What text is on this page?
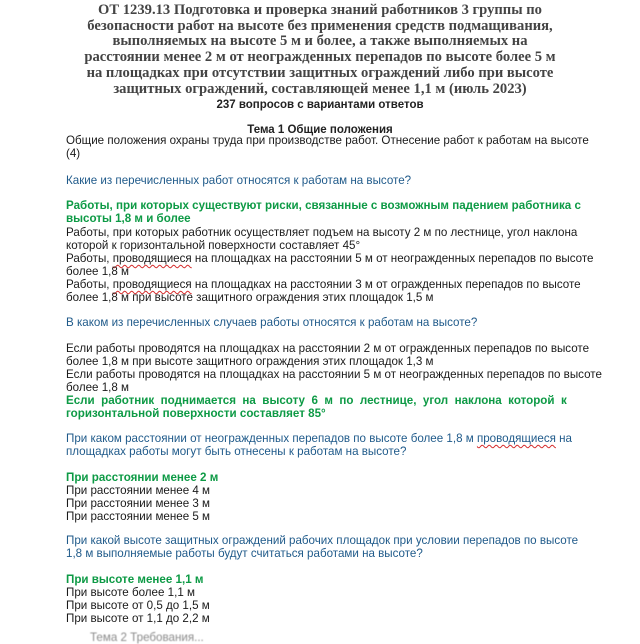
ОТ 1239.13 Подготовка и проверка знаний работников 3 группы по
безопасности работ на высоте без применения средств подмащивания,
выполняемых на высоте 5 м и более, а также выполняемых на
расстоянии менее 2 м от неогражденных перепадов по высоте более 5 м
на площадках при отсутствии защитных ограждений либо при высоте
защитных ограждений, составляющей менее 1,1 м (июль 2023)
237 вопросов с вариантами ответов
Тема 1 Общие положения
Общие положения охраны труда при производстве работ. Отнесение работ к работам на высоте
(4)
Какие из перечисленных работ относятся к работам на высоте?
Работы, при которых существуют риски, связанные с возможным падением работника с
высоты 1,8 м и более
Работы, при которых работник осуществляет подъем на высоту 2 м по лестнице, угол наклона
которой к горизонтальной поверхности составляет 45°
Работы, проводящиеся на площадках на расстоянии 5 м от неогражденных перепадов по высоте
более 1,8 м
Работы, проводящиеся на площадках на расстоянии 3 м от огражденных перепадов по высоте
более 1,8 м при высоте защитного ограждения этих площадок 1,5 м
В каком из перечисленных случаев работы относятся к работам на высоте?
Если работы проводятся на площадках на расстоянии 2 м от огражденных перепадов по высоте
более 1,8 м при высоте защитного ограждения этих площадок 1,3 м
Если работы проводятся на площадках на расстоянии 5 м от неогражденных перепадов по высоте
более 1,8 м
Если  работник  поднимается  на  высоту  6  м  по  лестнице,  угол  наклона  которой  к
горизонтальной поверхности составляет 85°
При каком расстоянии от неогражденных перепадов по высоте более 1,8 м проводящиеся на
площадках работы могут быть отнесены к работам на высоте?
При расстоянии менее 2 м
При расстоянии менее 4 м
При расстоянии менее 3 м
При расстоянии менее 5 м
При какой высоте защитных ограждений рабочих площадок при условии перепадов по высоте
1,8 м выполняемые работы будут считаться работами на высоте?
При высоте менее 1,1 м
При высоте более 1,1 м
При высоте от 0,5 до 1,5 м
При высоте от 1,1 до 2,2 м
Тема 2 Требования...
